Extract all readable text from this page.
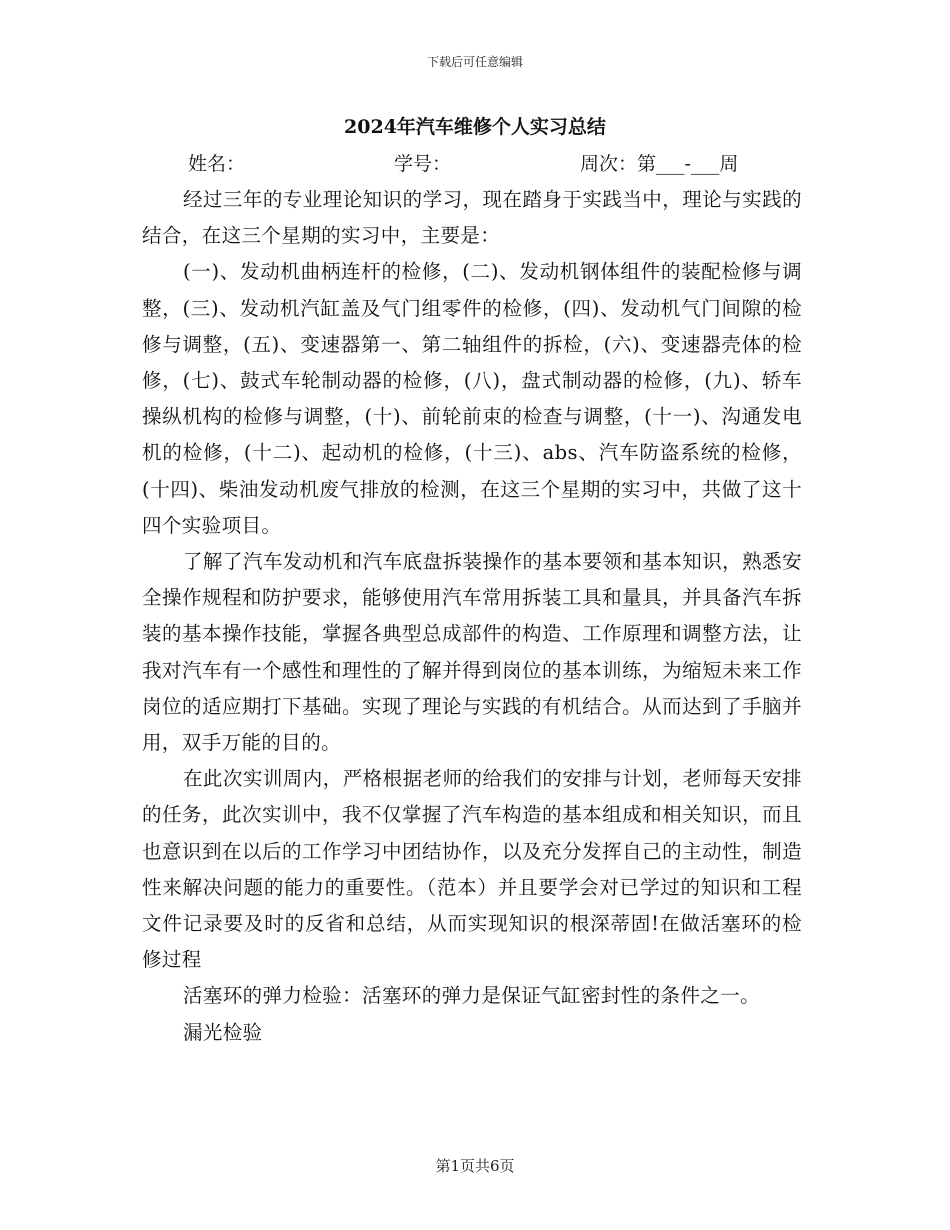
下载后可任意编辑
2024年汽车维修个人实习总结
姓名：	学号：	周次：第___-___周

经过三年的专业理论知识的学习，现在踏身于实践当中，理论与实践的结合，在这三个星期的实习中，主要是：

(一)、发动机曲柄连杆的检修，(二)、发动机钢体组件的装配检修与调整，(三)、发动机汽缸盖及气门组零件的检修，(四)、发动机气门间隙的检修与调整，(五)、变速器第一、第二轴组件的拆检，(六)、变速器壳体的检修，(七)、鼓式车轮制动器的检修，(八)，盘式制动器的检修，(九)、轿车操纵机构的检修与调整，(十)、前轮前束的检查与调整，(十一)、沟通发电机的检修，(十二)、起动机的检修，(十三)、abs、汽车防盗系统的检修，(十四)、柴油发动机废气排放的检测，在这三个星期的实习中，共做了这十四个实验项目。

了解了汽车发动机和汽车底盘拆装操作的基本要领和基本知识，熟悉安全操作规程和防护要求，能够使用汽车常用拆装工具和量具，并具备汽车拆装的基本操作技能，掌握各典型总成部件的构造、工作原理和调整方法，让我对汽车有一个感性和理性的了解并得到岗位的基本训练，为缩短未来工作岗位的适应期打下基础。实现了理论与实践的有机结合。从而达到了手脑并用，双手万能的目的。

在此次实训周内，严格根据老师的给我们的安排与计划，老师每天安排的任务，此次实训中，我不仅掌握了汽车构造的基本组成和相关知识，而且也意识到在以后的工作学习中团结协作，以及充分发挥自己的主动性，制造性来解决问题的能力的重要性。（范本）并且要学会对已学过的知识和工程文件记录要及时的反省和总结，从而实现知识的根深蒂固!在做活塞环的检修过程

活塞环的弹力检验：活塞环的弹力是保证气缸密封性的条件之一。

漏光检验

第1页共6页
